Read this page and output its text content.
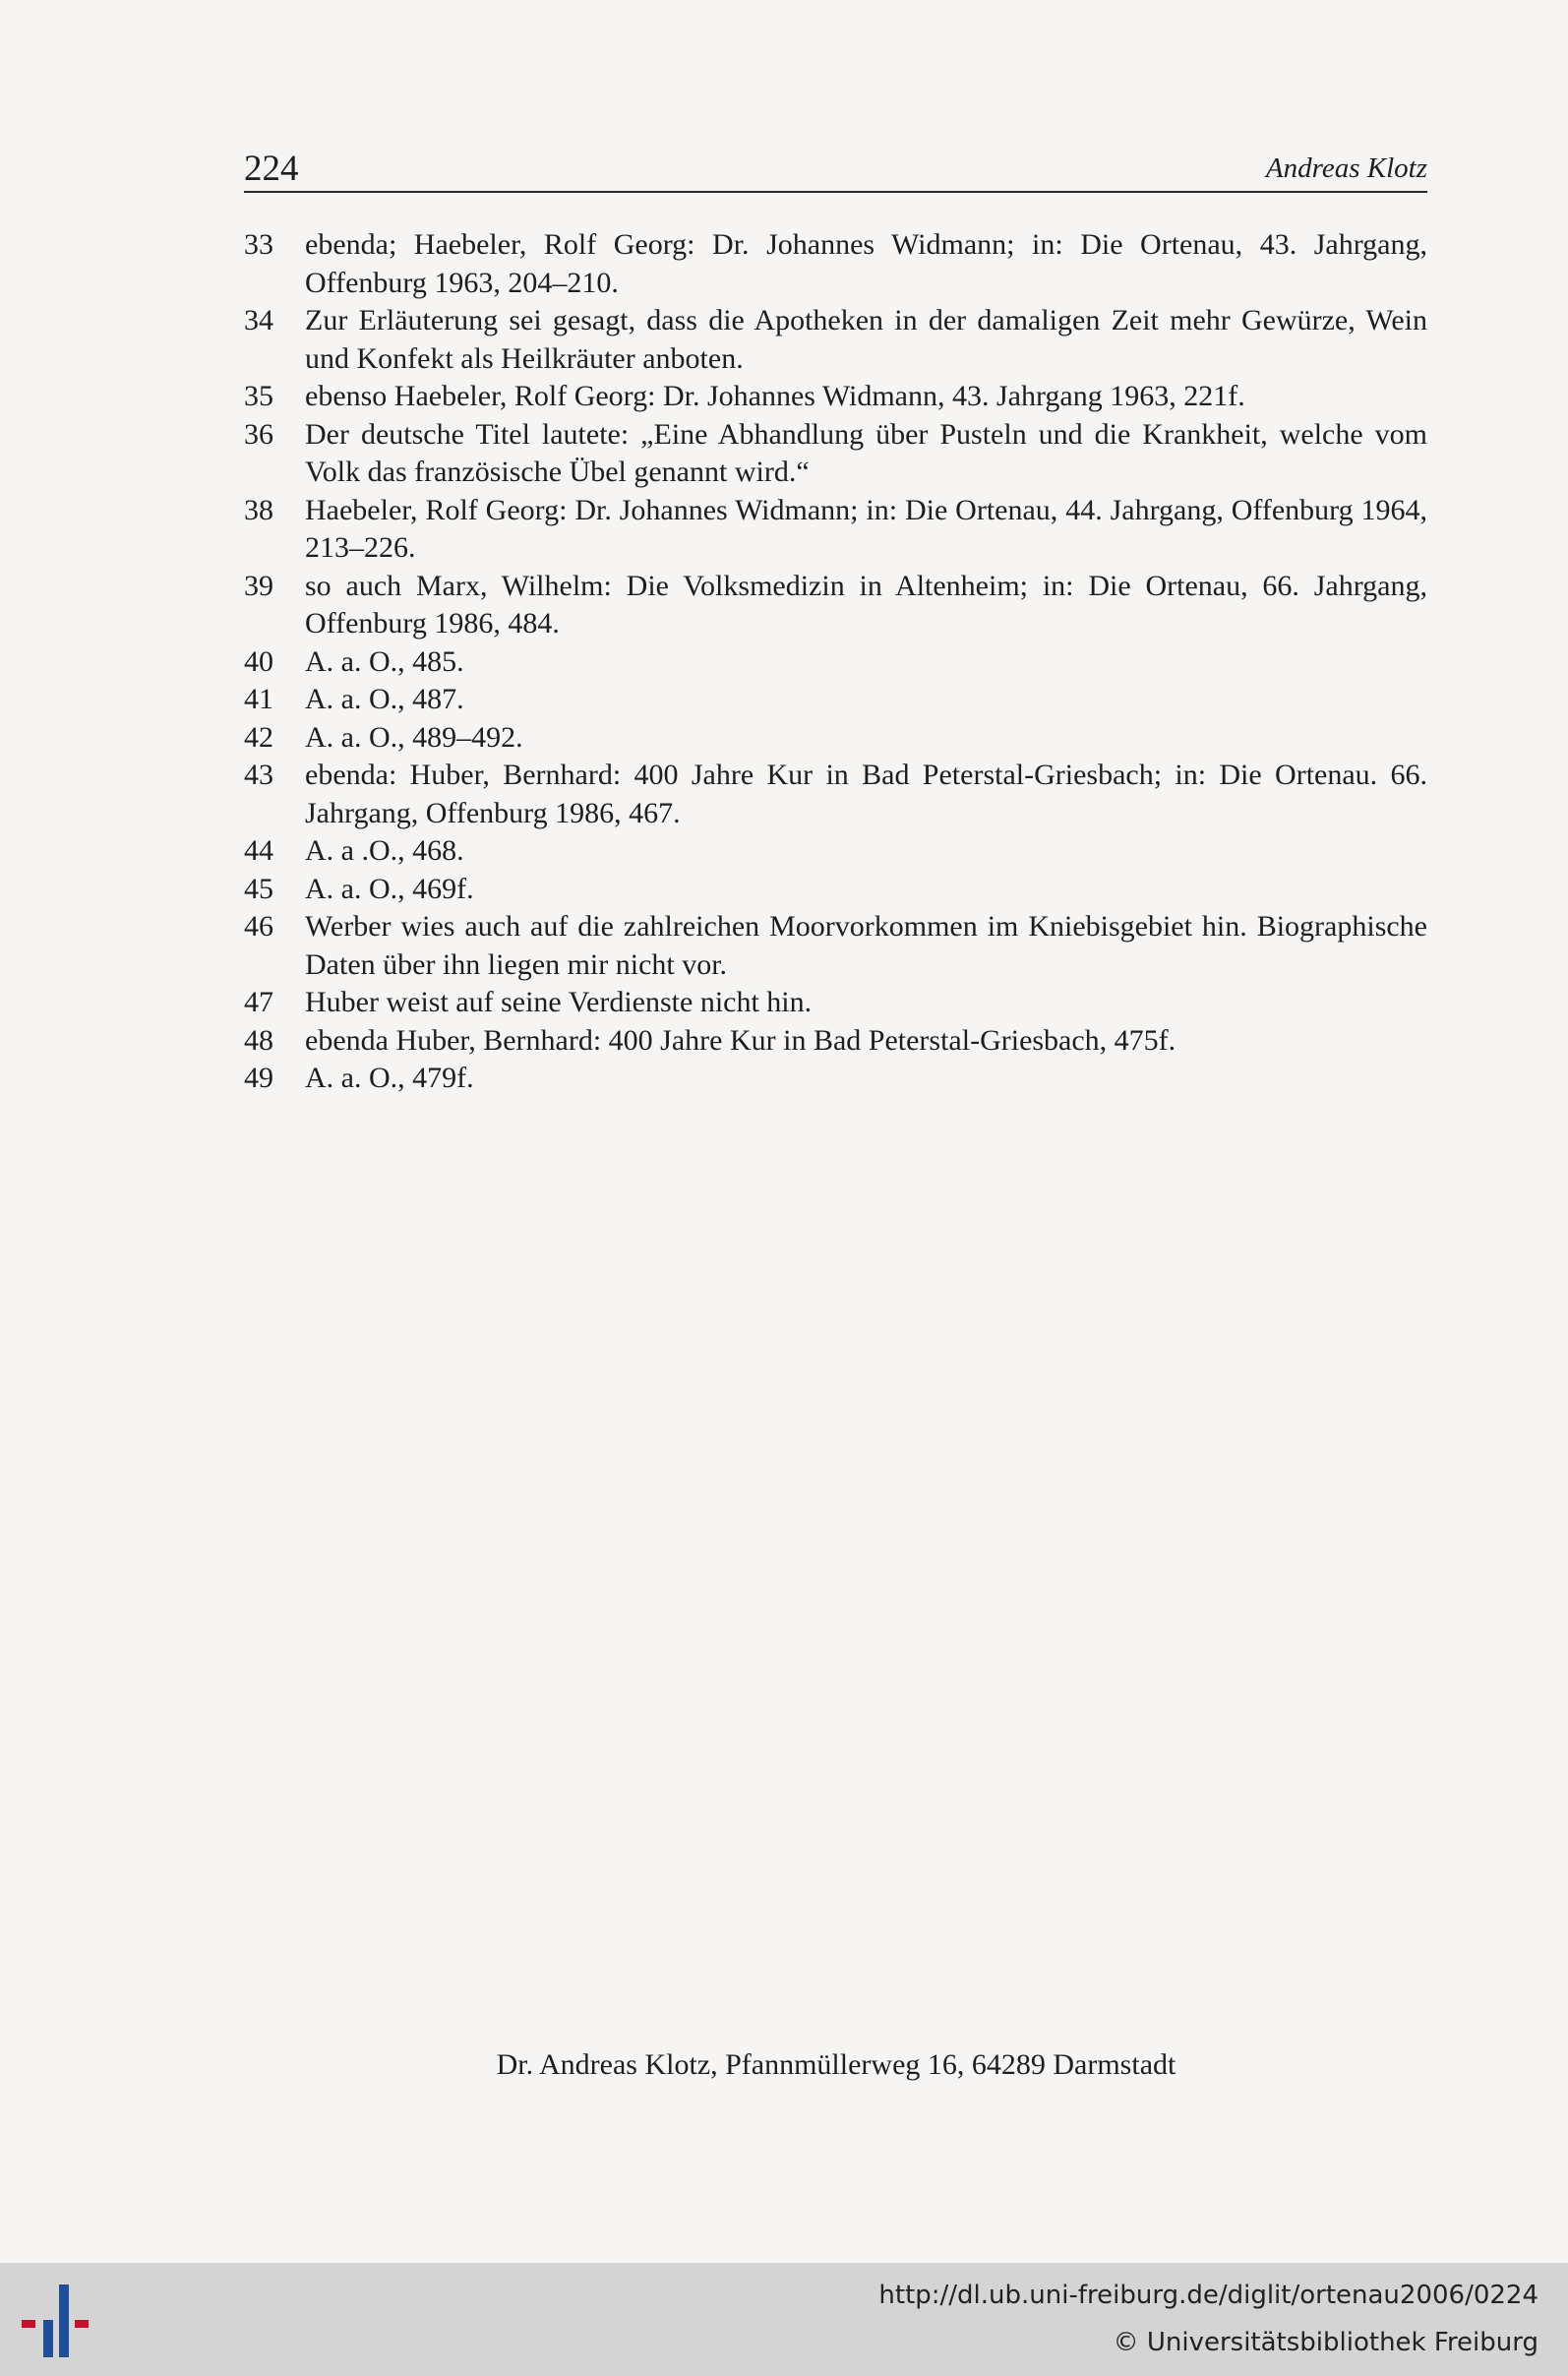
224	Andreas Klotz
33 ebenda; Haebeler, Rolf Georg: Dr. Johannes Widmann; in: Die Ortenau, 43. Jahrgang, Offenburg 1963, 204–210.
34 Zur Erläuterung sei gesagt, dass die Apotheken in der damaligen Zeit mehr Gewürze, Wein und Konfekt als Heilkräuter anboten.
35 ebenso Haebeler, Rolf Georg: Dr. Johannes Widmann, 43. Jahrgang 1963, 221f.
36 Der deutsche Titel lautete: „Eine Abhandlung über Pusteln und die Krankheit, welche vom Volk das französische Übel genannt wird.“
38 Haebeler, Rolf Georg: Dr. Johannes Widmann; in: Die Ortenau, 44. Jahrgang, Offenburg 1964, 213–226.
39 so auch Marx, Wilhelm: Die Volksmedizin in Altenheim; in: Die Ortenau, 66. Jahrgang, Offenburg 1986, 484.
40 A. a. O., 485.
41 A. a. O., 487.
42 A. a. O., 489–492.
43 ebenda: Huber, Bernhard: 400 Jahre Kur in Bad Peterstal-Griesbach; in: Die Ortenau. 66. Jahrgang, Offenburg 1986, 467.
44 A. a .O., 468.
45 A. a. O., 469f.
46 Werber wies auch auf die zahlreichen Moorvorkommen im Kniebisgebiet hin. Biographische Daten über ihn liegen mir nicht vor.
47 Huber weist auf seine Verdienste nicht hin.
48 ebenda Huber, Bernhard: 400 Jahre Kur in Bad Peterstal-Griesbach, 475f.
49 A. a. O., 479f.
Dr. Andreas Klotz, Pfannmüllerweg 16, 64289 Darmstadt
http://dl.ub.uni-freiburg.de/diglit/ortenau2006/0224
© Universitätsbibliothek Freiburg
